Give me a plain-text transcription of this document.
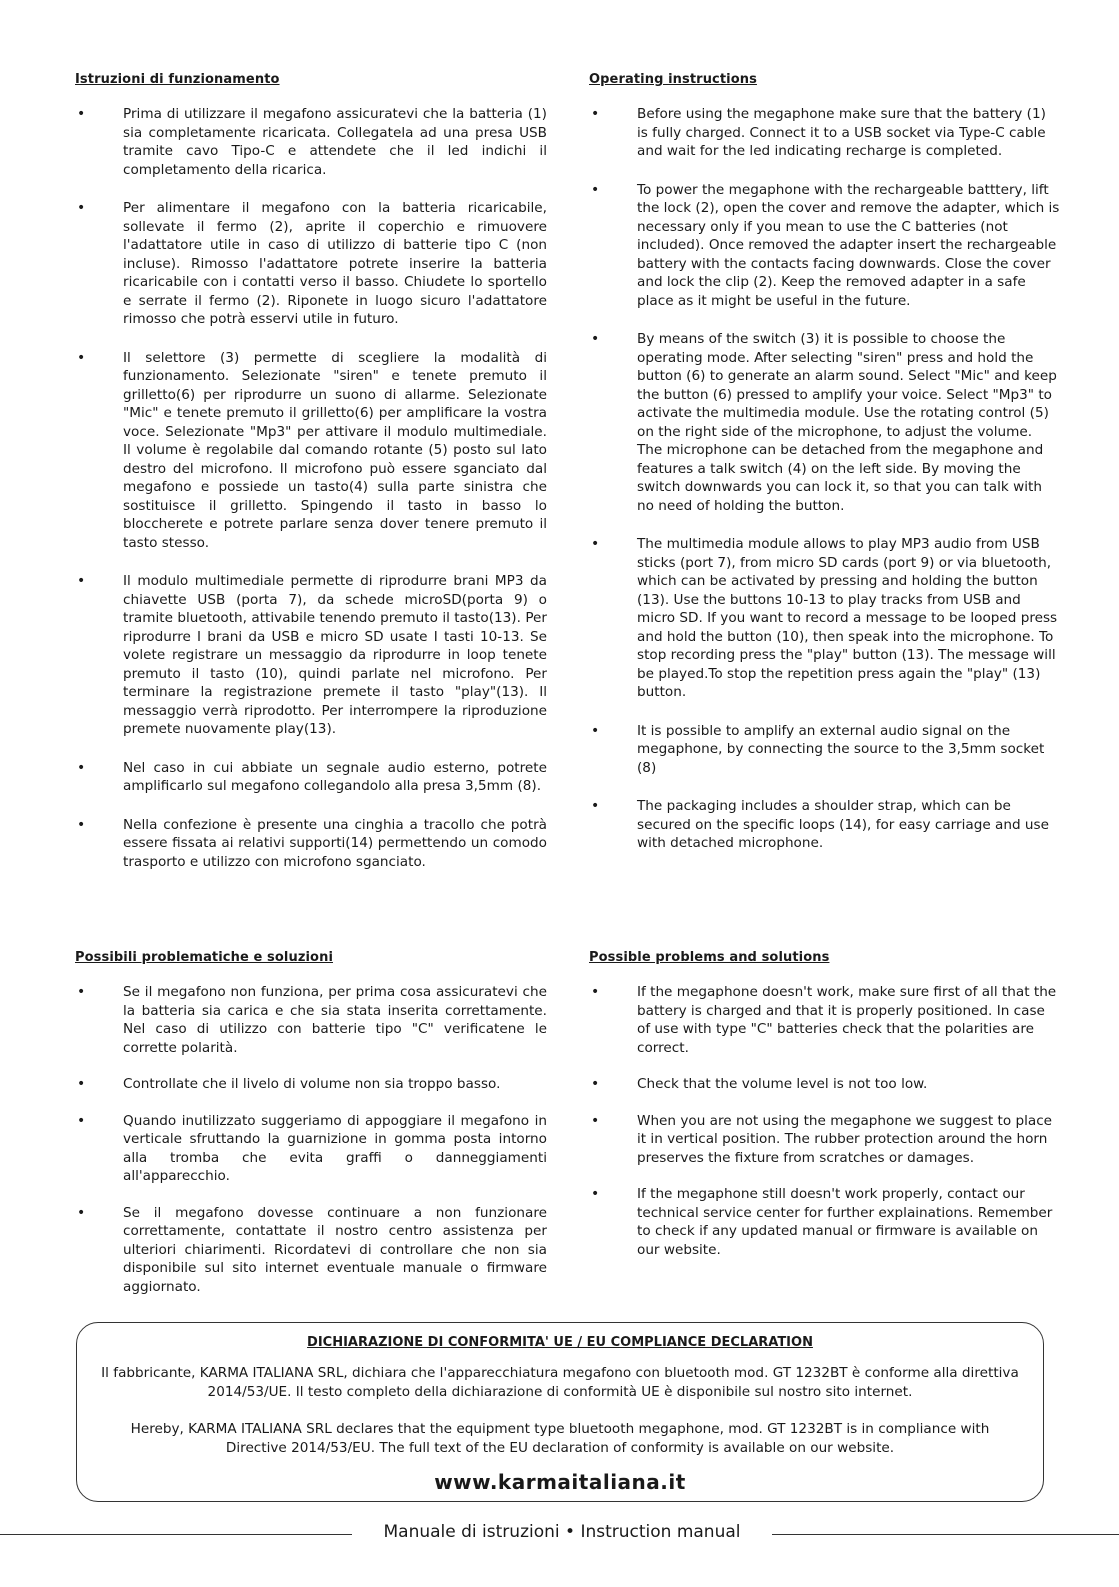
Istruzioni di funzionamento
•	Prima di utilizzare il megafono assicuratevi che la batteria (1) sia completamente ricaricata. Collegatela ad una presa USB tramite cavo Tipo-C e attendete che il led indichi il completamento della ricarica.
•	Per alimentare il megafono con la batteria ricaricabile, sollevate il fermo (2), aprite il coperchio e rimuovere l'adattatore utile in caso di utilizzo di batterie tipo C (non incluse). Rimosso l'adattatore potrete inserire la batteria ricaricabile con i contatti verso il basso. Chiudete lo sportello e serrate il fermo (2). Riponete in luogo sicuro l'adattatore rimosso che potrà esservi utile in futuro.
•	Il selettore (3) permette di scegliere la modalità di funzionamento. Selezionate "siren" e tenete premuto il grilletto(6) per riprodurre un suono di allarme. Selezionate "Mic" e tenete premuto il grilletto(6) per amplificare la vostra voce. Selezionate "Mp3" per attivare il modulo multimediale. Il volume è regolabile dal comando rotante (5) posto sul lato destro del microfono. Il microfono può essere sganciato dal megafono e possiede un tasto(4) sulla parte sinistra che sostituisce il grilletto. Spingendo il tasto in basso lo bloccherete e potrete parlare senza dover tenere premuto il tasto stesso.
•	Il modulo multimediale permette di riprodurre brani MP3 da chiavette USB (porta 7), da schede microSD(porta 9) o tramite bluetooth, attivabile tenendo premuto il tasto(13). Per riprodurre I brani da USB e micro SD usate I tasti 10-13. Se volete registrare un messaggio da riprodurre in loop tenete premuto il tasto (10), quindi parlate nel microfono. Per terminare la registrazione premete il tasto "play"(13). Il messaggio verrà riprodotto. Per interrompere la riproduzione premete nuovamente play(13).
•	Nel caso in cui abbiate un segnale audio esterno, potrete amplificarlo sul megafono collegandolo alla presa 3,5mm (8).
•	Nella confezione è presente una cinghia a tracollo che potrà essere fissata ai relativi supporti(14) permettendo un comodo trasporto e utilizzo con microfono sganciato.
Possibili problematiche e soluzioni
•	Se il megafono non funziona, per prima cosa assicuratevi che la batteria sia carica e che sia stata inserita correttamente. Nel caso di utilizzo con batterie tipo "C" verificatene le corrette polarità.
•	Controllate che il livelo di volume non sia troppo basso.
•	Quando inutilizzato suggeriamo di appoggiare il megafono in verticale sfruttando la guarnizione in gomma posta intorno alla tromba che evita graffi o danneggiamenti all'apparecchio.
•	Se il megafono dovesse continuare a non funzionare correttamente, contattate il nostro centro assistenza per ulteriori chiarimenti. Ricordatevi di controllare che non sia disponibile sul sito internet eventuale manuale o firmware aggiornato.
Operating instructions
•	Before using the megaphone make sure that the battery (1) is fully charged. Connect it to a USB socket via Type-C cable and wait for the led indicating recharge is completed.
•	To power the megaphone with the rechargeable batttery, lift the lock (2), open the cover and remove the adapter, which is necessary only if you mean to use the C batteries (not included). Once removed the adapter insert the rechargeable battery with the contacts facing downwards. Close the cover and lock the clip (2). Keep the removed adapter in a safe place as it might be useful in the future.
•	By means of the switch (3) it is possible to choose the operating mode. After selecting "siren" press and hold the button (6) to generate an alarm sound. Select "Mic" and keep the button (6) pressed to amplify your voice. Select "Mp3" to activate the multimedia module. Use the rotating control (5) on the right side of the microphone, to adjust the volume. The microphone can be detached from the megaphone and features a talk switch (4) on the left side. By moving the switch downwards you can lock it, so that you can talk with no need of holding the button.
•	The multimedia module allows to play MP3 audio from USB sticks (port 7), from micro SD cards (port 9) or via bluetooth, which can be activated by pressing and holding the button (13). Use the buttons 10-13 to play tracks from USB and micro SD. If you want to record a message to be looped press and hold the button (10), then speak into the microphone. To stop recording press the "play" button (13). The message will be played.To stop the repetition press again the "play" (13) button.
•	It is possible to amplify an external audio signal on the megaphone, by connecting the source to the 3,5mm socket (8)
•	The packaging includes a shoulder strap, which can be secured on the specific loops (14), for easy carriage and use with detached microphone.
Possible problems and solutions
•	If the megaphone doesn't work, make sure first of all that the battery is charged and that it is properly positioned. In case of use with type "C" batteries check that the polarities are correct.
•	Check that the volume level is not too low.
•	When you are not using the megaphone we suggest to place it in vertical position. The rubber protection around the horn preserves the fixture from scratches or damages.
•	If the megaphone still doesn't work properly, contact our technical service center for further explainations. Remember to check if any updated manual or firmware is available on our website.
DICHIARAZIONE DI CONFORMITA' UE / EU COMPLIANCE DECLARATION

Il fabbricante, KARMA ITALIANA SRL, dichiara che l'apparecchiatura megafono con bluetooth mod. GT 1232BT è conforme alla direttiva 2014/53/UE. Il testo completo della dichiarazione di conformità UE è disponibile sul nostro sito internet.

Hereby, KARMA ITALIANA SRL declares that the equipment type bluetooth megaphone, mod. GT 1232BT is in compliance with Directive 2014/53/EU. The full text of the EU declaration of conformity is available on our website.

www.karmaitaliana.it
Manuale di istruzioni • Instruction manual
